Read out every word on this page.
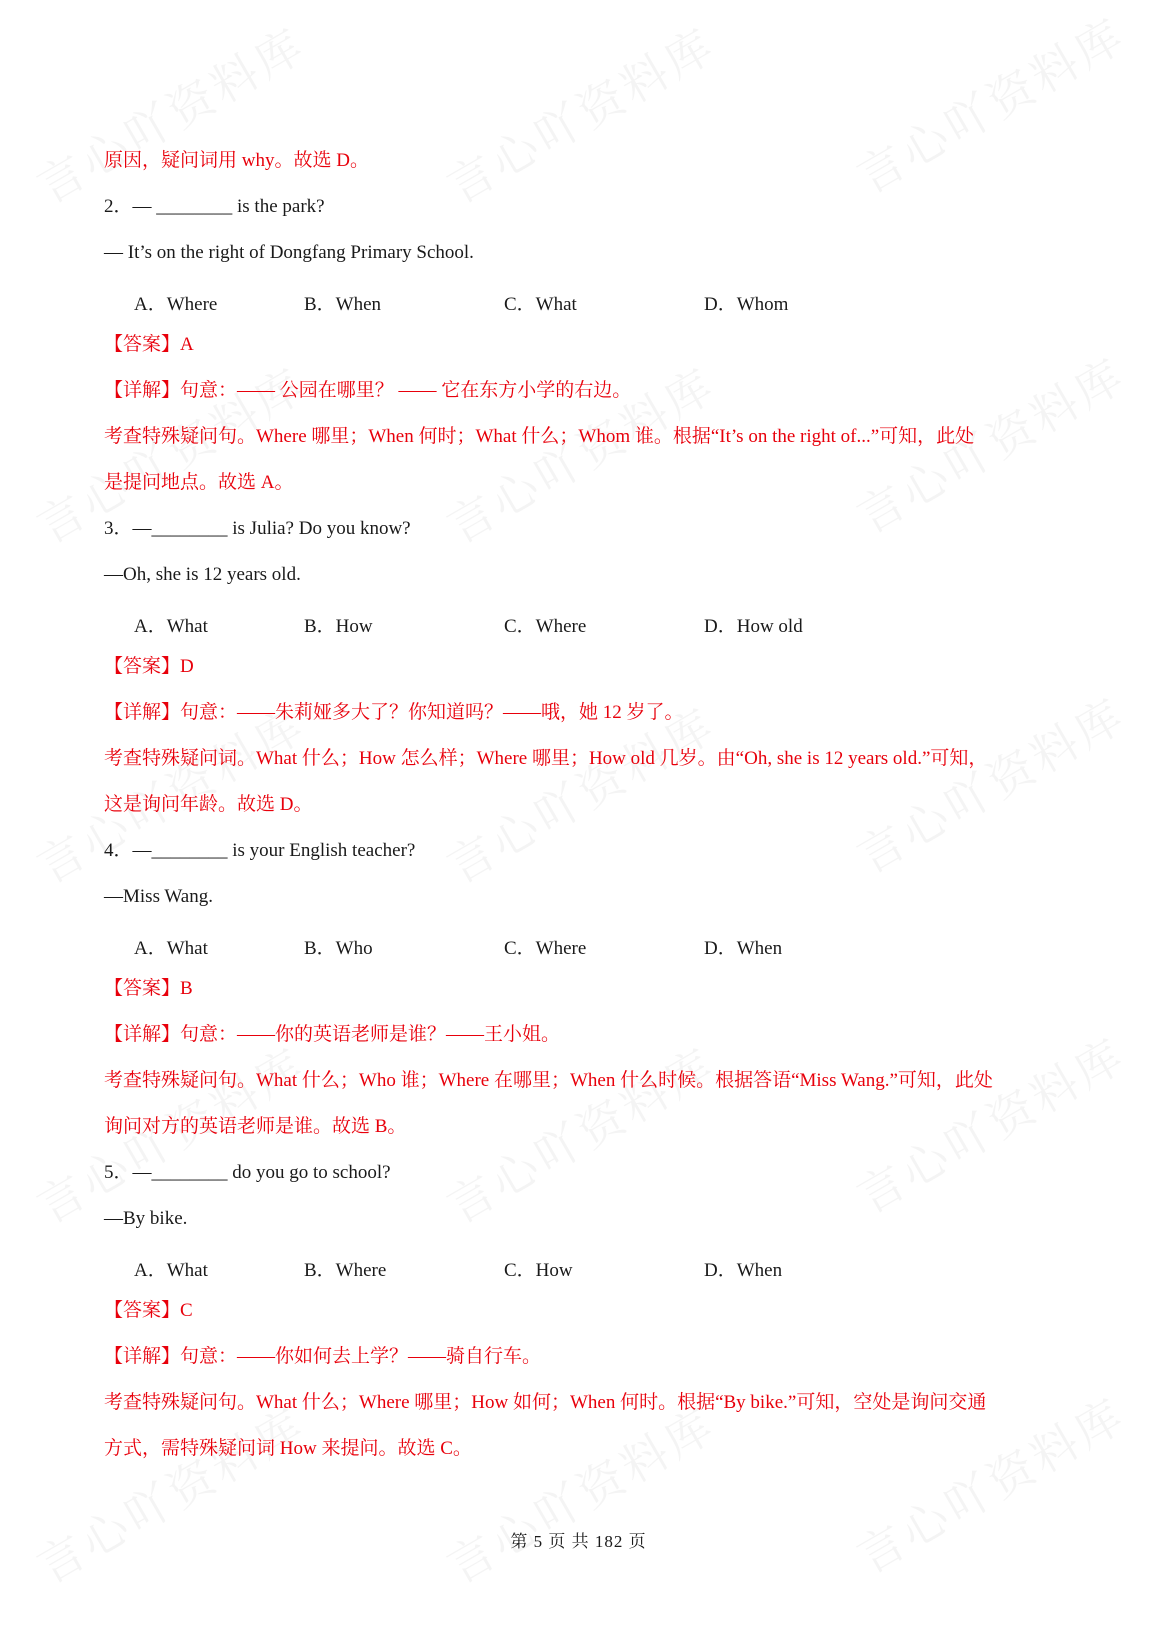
原因，疑问词用 why。故选 D。
2．— ________ is the park?
— It’s on the right of Dongfang Primary School.
A．Where	B．When	C．What	D．Whom
【答案】A
【详解】句意：—— 公园在哪里？ —— 它在东方小学的右边。
考查特殊疑问句。Where 哪里；When 何时；What 什么；Whom 谁。根据“It’s on the right of...”可知，此处
是提问地点。故选 A。
3．—________ is Julia? Do you know?
—Oh, she is 12 years old.
A．What	B．How	C．Where	D．How old
【答案】D
【详解】句意：——朱莉娅多大了？你知道吗？——哦，她 12 岁了。
考查特殊疑问词。What 什么；How 怎么样；Where 哪里；How old 几岁。由“Oh, she is 12 years old.”可知，
这是询问年龄。故选 D。
4．—________ is your English teacher?
—Miss Wang.
A．What	B．Who	C．Where	D．When
【答案】B
【详解】句意：——你的英语老师是谁？——王小姐。
考查特殊疑问句。What 什么；Who 谁；Where 在哪里；When 什么时候。根据答语“Miss Wang.”可知，此处
询问对方的英语老师是谁。故选 B。
5．—________ do you go to school?
—By bike.
A．What	B．Where	C．How	D．When
【答案】C
【详解】句意：——你如何去上学？——骑自行车。
考查特殊疑问句。What 什么；Where 哪里；How 如何；When 何时。根据“By bike.”可知，空处是询问交通
方式，需特殊疑问词 How 来提问。故选 C。
第 5 页 共 182 页
